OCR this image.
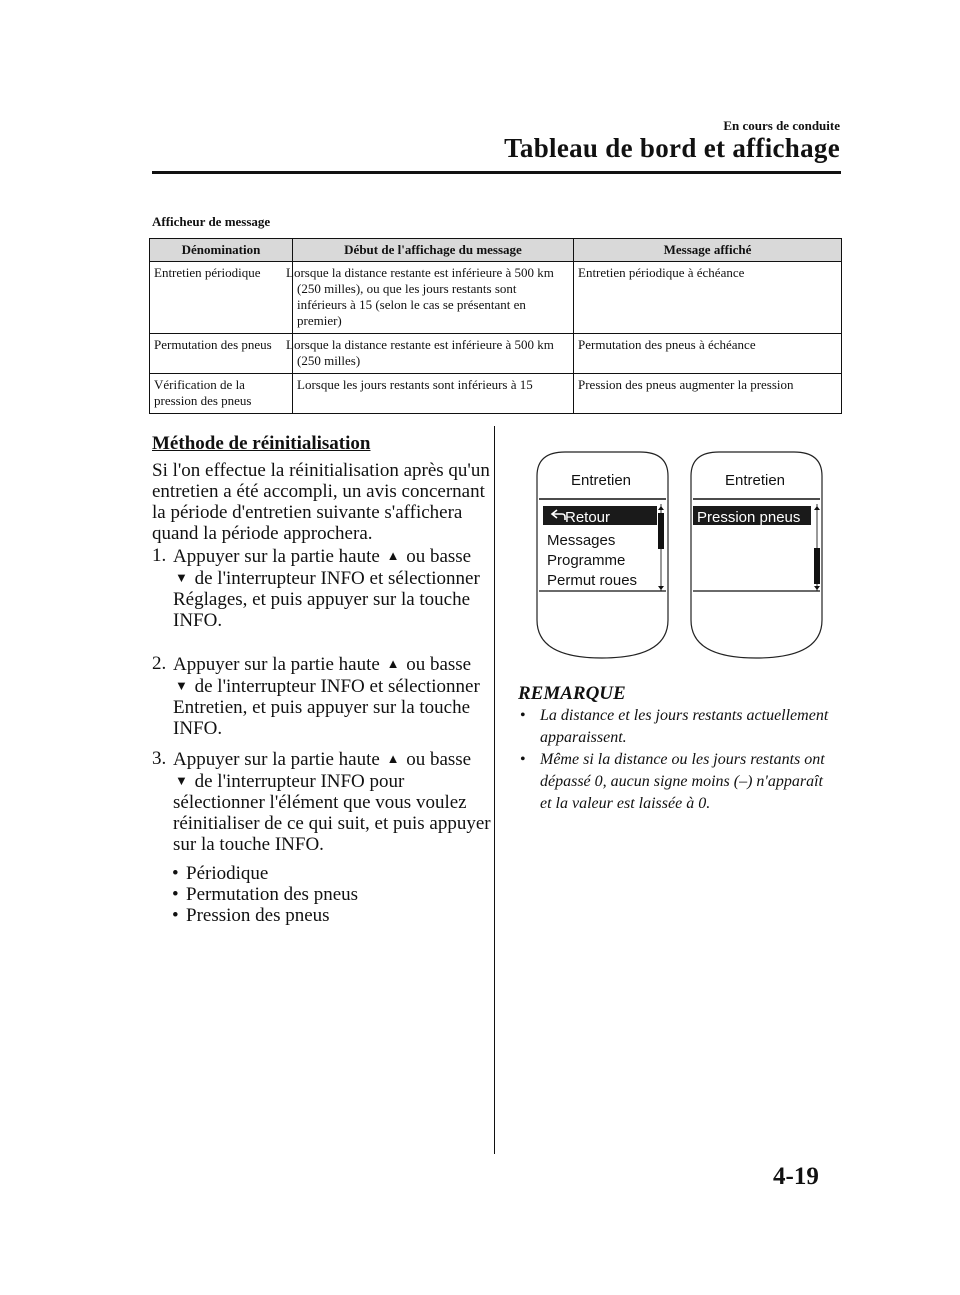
En cours de conduite
Tableau de bord et affichage
Afficheur de message
Dénomination	Début de l'affichage du message	Message affiché
Entretien périodique	Lorsque la distance restante est inférieure à 500 km (250 milles), ou que les jours restants sont inférieurs à 15 (selon le cas se présentant en premier)	Entretien périodique à échéance
Permutation des pneus	Lorsque la distance restante est inférieure à 500 km (250 milles)	Permutation des pneus à échéance
Vérification de la pression des pneus	Lorsque les jours restants sont inférieurs à 15	Pression des pneus augmenter la pression
Méthode de réinitialisation
Si l'on effectue la réinitialisation après qu'un entretien a été accompli, un avis concernant la période d'entretien suivante s'affichera quand la période approchera.
1. Appuyer sur la partie haute ▲ ou basse ▼ de l'interrupteur INFO et sélectionner Réglages, et puis appuyer sur la touche INFO.
2. Appuyer sur la partie haute ▲ ou basse ▼ de l'interrupteur INFO et sélectionner Entretien, et puis appuyer sur la touche INFO.
3. Appuyer sur la partie haute ▲ ou basse ▼ de l'interrupteur INFO pour sélectionner l'élément que vous voulez réinitialiser de ce qui suit, et puis appuyer sur la touche INFO.
• Périodique
• Permutation des pneus
• Pression des pneus
Entretien
Retour
Messages
Programme
Permut roues
Entretien
Pression pneus
REMARQUE
• La distance et les jours restants actuellement apparaissent.
• Même si la distance ou les jours restants ont dépassé 0, aucun signe moins (–) n'apparaît et la valeur est laissée à 0.
4-19
